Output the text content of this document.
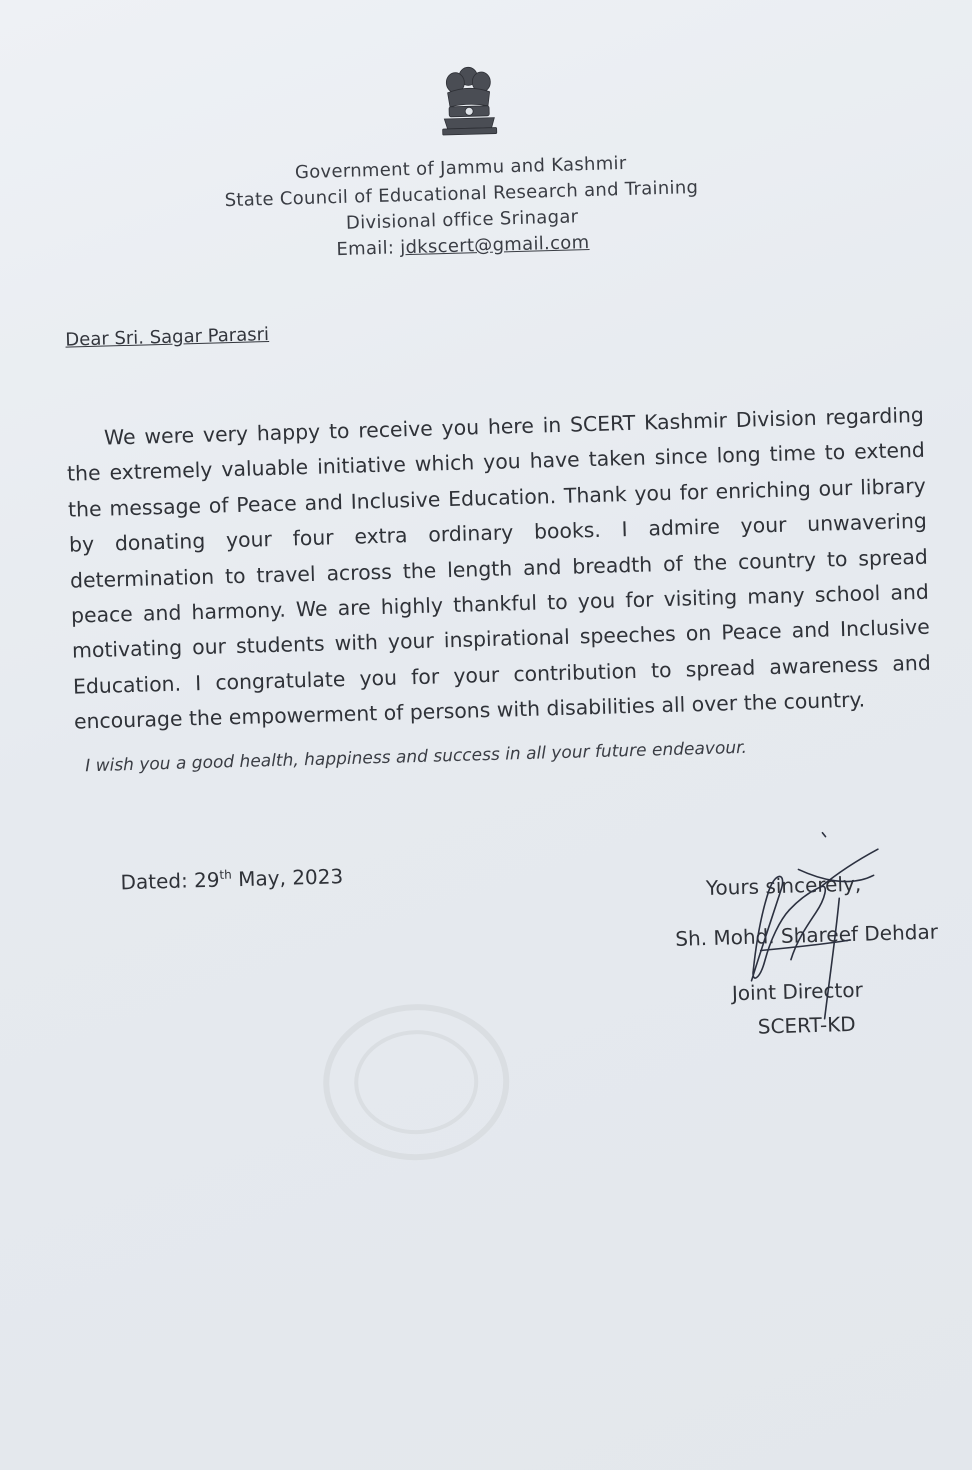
Government of Jammu and Kashmir
State Council of Educational Research and Training
Divisional office Srinagar
Email: jdkscert@gmail.com
Dear Sri. Sagar Parasri
We were very happy to receive you here in SCERT Kashmir Division regarding the extremely valuable initiative which you have taken since long time to extend the message of Peace and Inclusive Education. Thank you for enriching our library by donating your four extra ordinary books. I admire your unwavering determination to travel across the length and breadth of the country to spread peace and harmony. We are highly thankful to you for visiting many school and motivating our students with your inspirational speeches on Peace and Inclusive Education. I congratulate you for your contribution to spread awareness and encourage the empowerment of persons with disabilities all over the country.
I wish you a good health, happiness and success in all your future endeavour.
Dated: 29th May, 2023	Yours sincerely,
Sh. Mohd. Shareef Dehdar
Joint Director
SCERT-KD
